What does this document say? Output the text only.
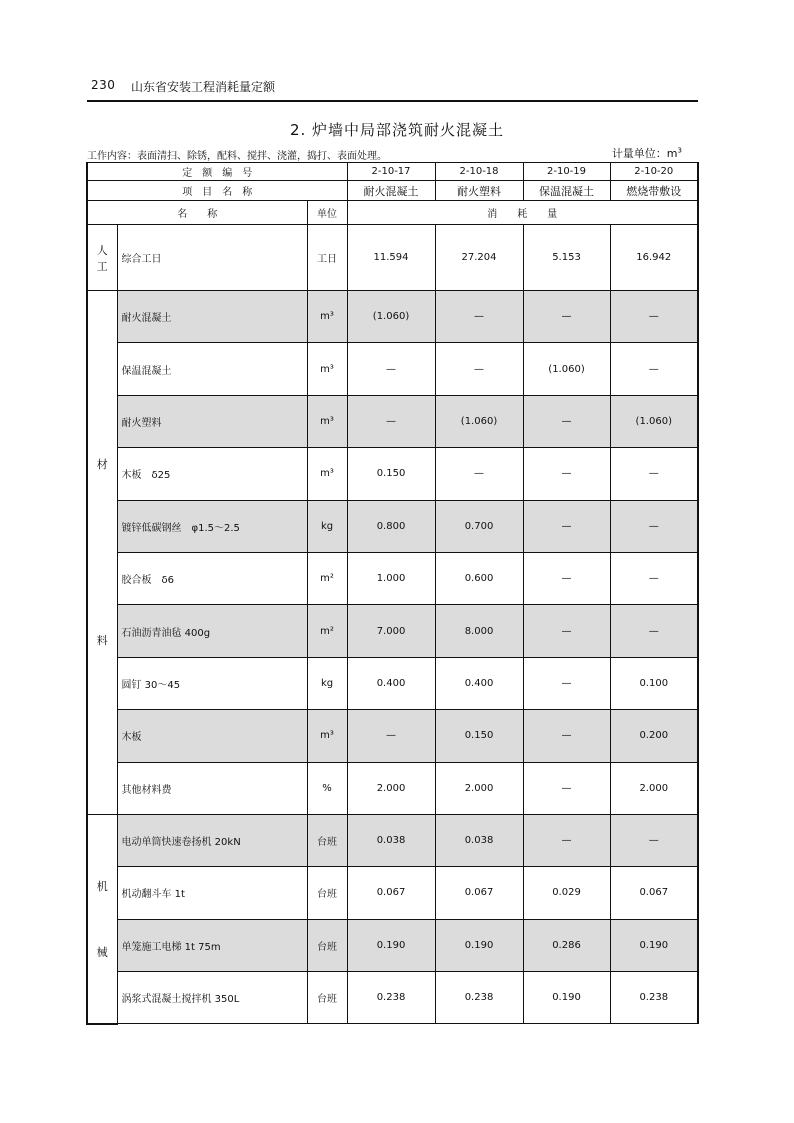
230 山东省安装工程消耗量定额
2. 炉墙中局部浇筑耐火混凝土
工作内容：表面清扫、除锈，配料、搅拌、浇灌，捣打、表面处理。	计量单位：$m^3$
定　额　编　号			2-10-17	2-10-18	2-10-19	2-10-20
项　目　名　称			耐火混凝土	耐火塑料	保温混凝土	燃烧带敷设
名　　称		单位	消　　耗　　量			

人
工	综合工日	工日	11.594	27.204	5.153	16.942

材
料	耐火混凝土	m³	(1.060)	—	—	—
	保温混凝土	m³	—	—	(1.060)	—
	耐火塑料	m³	—	(1.060)	—	(1.060)
	木板　δ25	m³	0.150	—	—	—
	镀锌低碳钢丝　φ1.5～2.5	kg	0.800	0.700	—	—
	胶合板　δ6	m²	1.000	0.600	—	—
	石油沥青油毡 400g	m²	7.000	8.000	—	—
	圆钉 30～45	kg	0.400	0.400	—	0.100
	木板	m³	—	0.150	—	0.200
	其他材料费	%	2.000	2.000	—	2.000

机
械	电动单筒快速卷扬机 20kN	台班	0.038	0.038	—	—
	机动翻斗车 1t	台班	0.067	0.067	0.029	0.067
	单笼施工电梯 1t 75m	台班	0.190	0.190	0.286	0.190
	涡浆式混凝土搅拌机 350L	台班	0.238	0.238	0.190	0.238
